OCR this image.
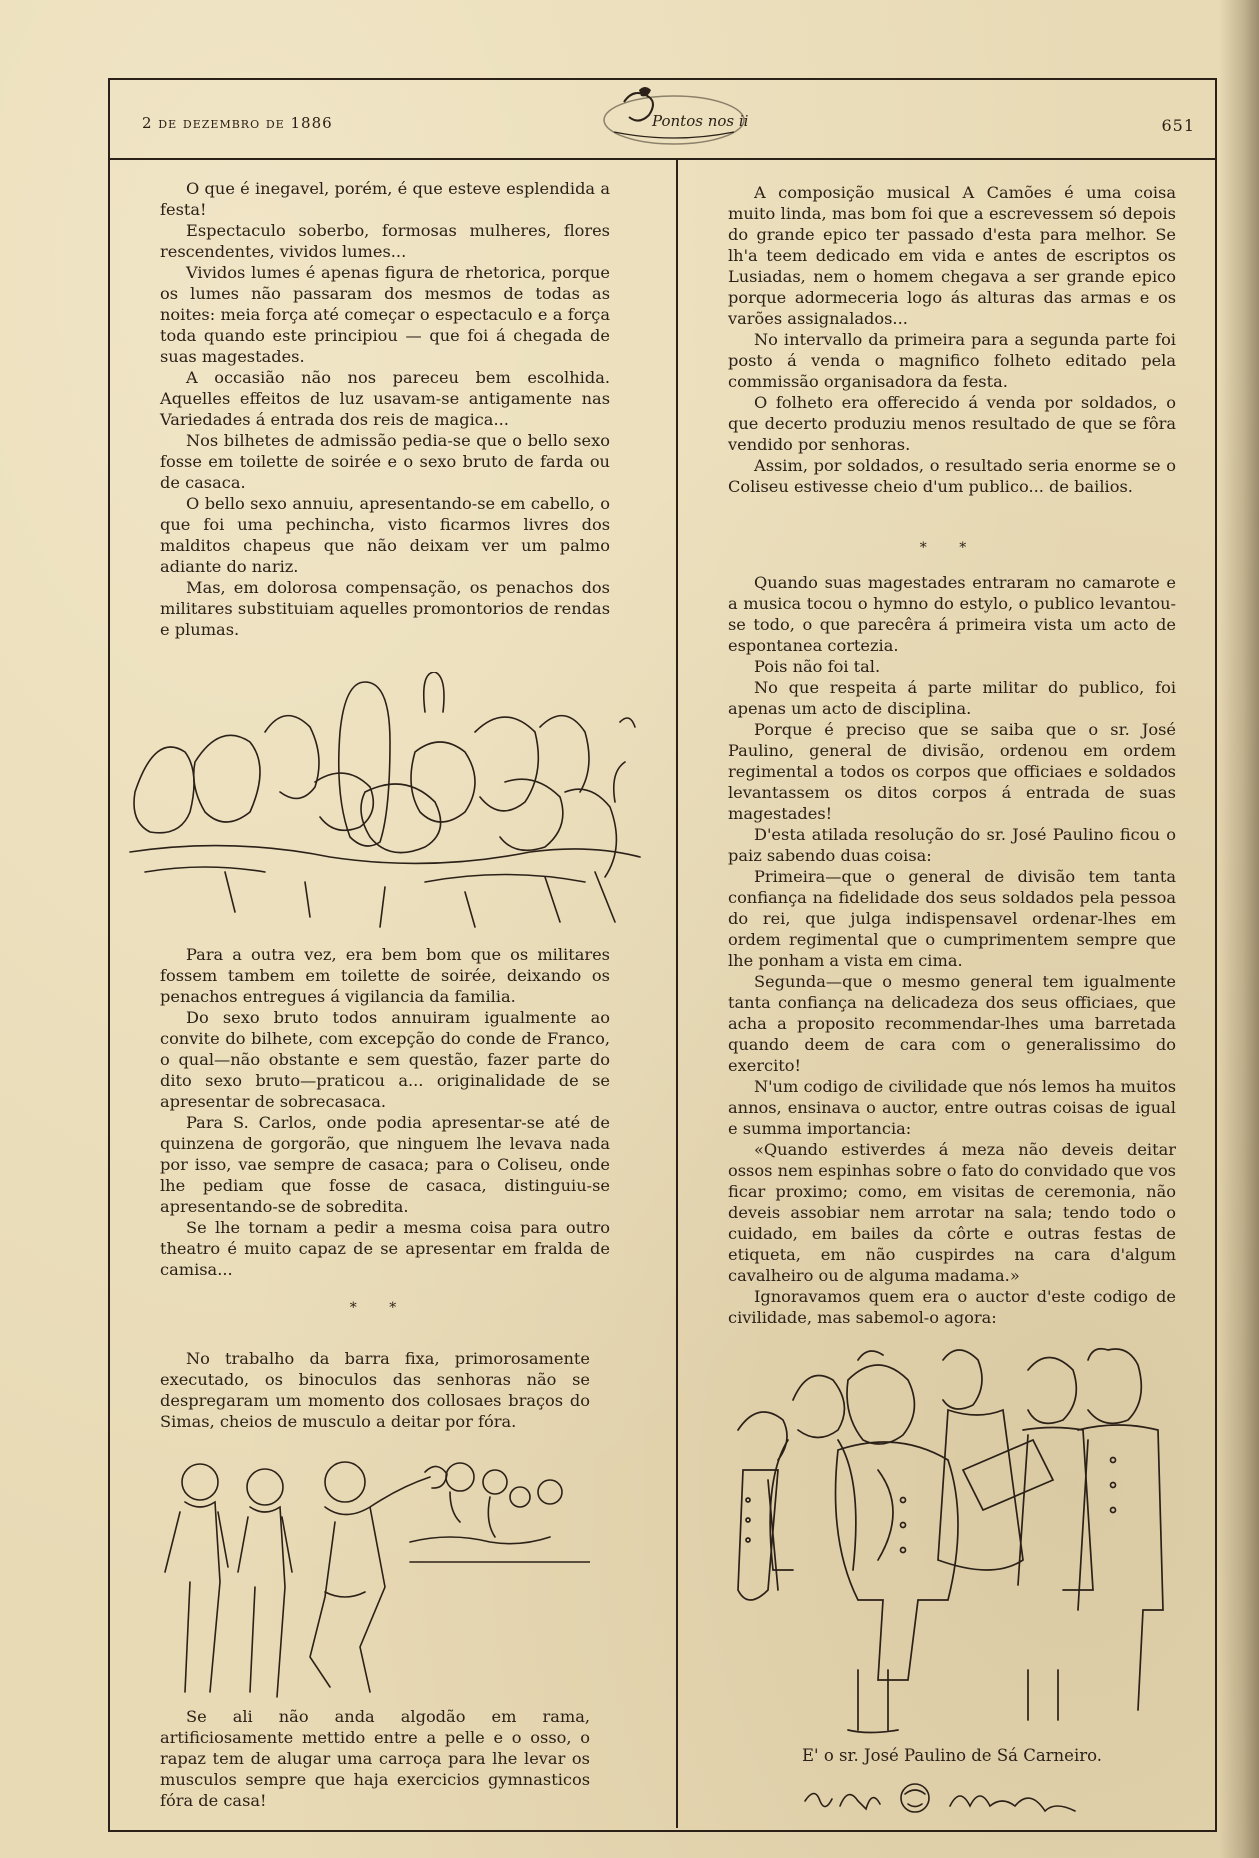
2 de dezembro de 1886	Pontos nos ii	651

O que é inegavel, porém, é que esteve esplendida a festa!

Espectaculo soberbo, formosas mulheres, flores rescendentes, vividos lumes...

Vividos lumes é apenas figura de rhetorica, porque os lumes não passaram dos mesmos de todas as noites: meia força até começar o espectaculo e a força toda quando este principiou — que foi á chegada de suas magestades.

A occasião não nos pareceu bem escolhida. Aquelles effeitos de luz usavam-se antigamente nas Variedades á entrada dos reis de magica...

Nos bilhetes de admissão pedia-se que o bello sexo fosse em toilette de soirée e o sexo bruto de farda ou de casaca.

O bello sexo annuiu, apresentando-se em cabello, o que foi uma pechincha, visto ficarmos livres dos malditos chapeus que não deixam ver um palmo adiante do nariz.

Mas, em dolorosa compensação, os penachos dos militares substituiam aquelles promontorios de rendas e plumas.

Para a outra vez, era bem bom que os militares fossem tambem em toilette de soirée, deixando os penachos entregues á vigilancia da familia.

Do sexo bruto todos annuiram igualmente ao convite do bilhete, com excepção do conde de Franco, o qual—não obstante e sem questão, fazer parte do dito sexo bruto—praticou a... originalidade de se apresentar de sobrecasaca.

Para S. Carlos, onde podia apresentar-se até de quinzena de gorgorão, que ninguem lhe levava nada por isso, vae sempre de casaca; para o Coliseu, onde lhe pediam que fosse de casaca, distinguiu-se apresentando-se de sobredita.

Se lhe tornam a pedir a mesma coisa para outro theatro é muito capaz de se apresentar em fralda de camisa...

* *

No trabalho da barra fixa, primorosamente executado, os binoculos das senhoras não se despregaram um momento dos collosaes braços do Simas, cheios de musculo a deitar por fóra.

Se ali não anda algodão em rama, artificiosamente mettido entre a pelle e o osso, o rapaz tem de alugar uma carroça para lhe levar os musculos sempre que haja exercicios gymnasticos fóra de casa!

A composição musical A Camões é uma coisa muito linda, mas bom foi que a escrevessem só depois do grande epico ter passado d'esta para melhor. Se lh'a teem dedicado em vida e antes de escriptos os Lusiadas, nem o homem chegava a ser grande epico porque adormeceria logo ás alturas das armas e os varões assignalados...

No intervallo da primeira para a segunda parte foi posto á venda o magnifico folheto editado pela commissão organisadora da festa.

O folheto era offerecido á venda por soldados, o que decerto produziu menos resultado de que se fôra vendido por senhoras.

Assim, por soldados, o resultado seria enorme se o Coliseu estivesse cheio d'um publico... de bailios.

* *

Quando suas magestades entraram no camarote e a musica tocou o hymno do estylo, o publico levantou-se todo, o que parecêra á primeira vista um acto de espontanea cortezia.

Pois não foi tal.

No que respeita á parte militar do publico, foi apenas um acto de disciplina.

Porque é preciso que se saiba que o sr. José Paulino, general de divisão, ordenou em ordem regimental a todos os corpos que officiaes e soldados levantassem os ditos corpos á entrada de suas magestades!

D'esta atilada resolução do sr. José Paulino ficou o paiz sabendo duas coisa:

Primeira—que o general de divisão tem tanta confiança na fidelidade dos seus soldados pela pessoa do rei, que julga indispensavel ordenar-lhes em ordem regimental que o cumprimentem sempre que lhe ponham a vista em cima.

Segunda—que o mesmo general tem igualmente tanta confiança na delicadeza dos seus officiaes, que acha a proposito recommendar-lhes uma barretada quando deem de cara com o generalissimo do exercito!

N'um codigo de civilidade que nós lemos ha muitos annos, ensinava o auctor, entre outras coisas de igual e summa importancia:

«Quando estiverdes á meza não deveis deitar ossos nem espinhas sobre o fato do convidado que vos ficar proximo; como, em visitas de ceremonia, não deveis assobiar nem arrotar na sala; tendo todo o cuidado, em bailes da côrte e outras festas de etiqueta, em não cuspirdes na cara d'algum cavalheiro ou de alguma madama.»

Ignoravamos quem era o auctor d'este codigo de civilidade, mas sabemol-o agora:

E' o sr. José Paulino de Sá Carneiro.
